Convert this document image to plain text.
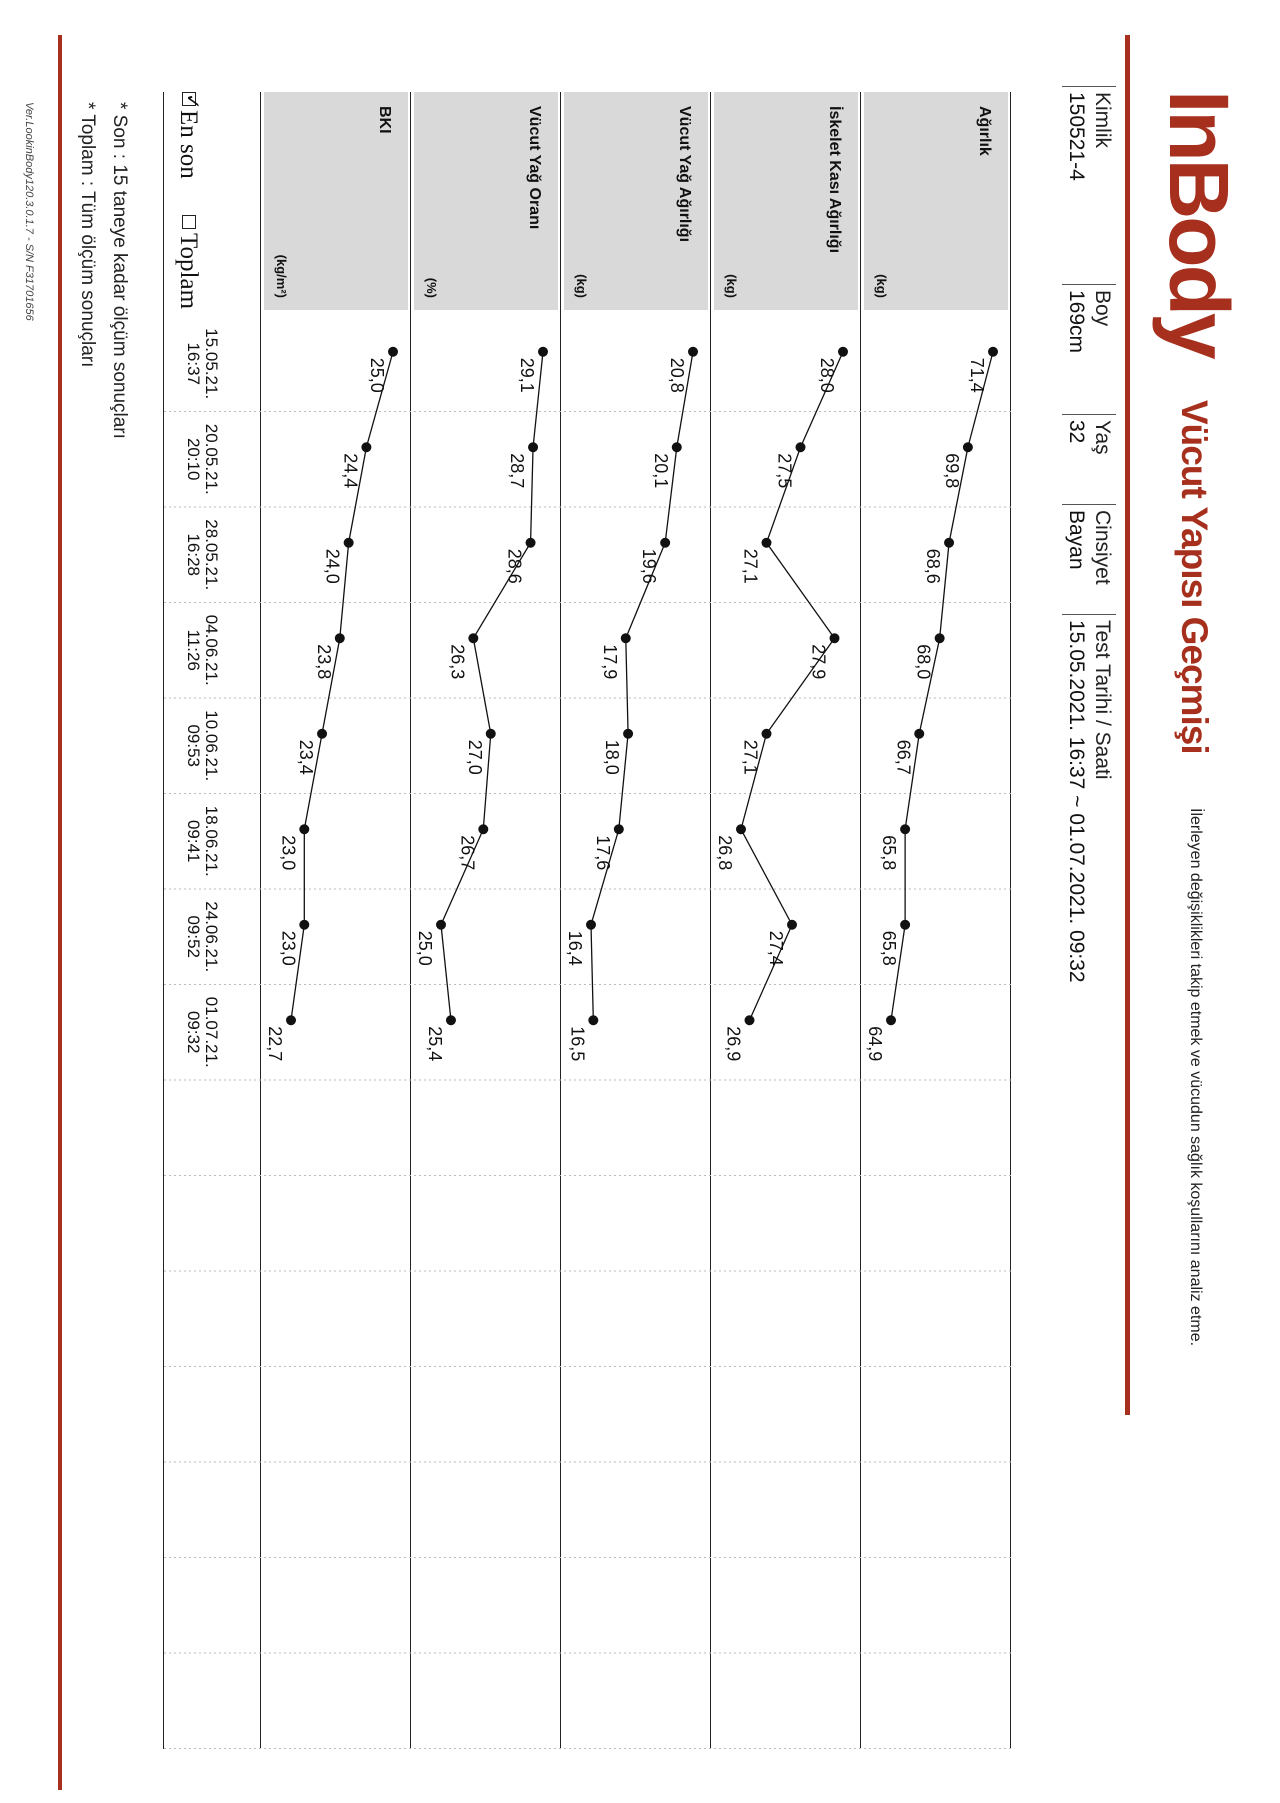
InBody
Vücut Yapısı Geçmişi
İlerleyen değişiklikleri takip etmek ve vücudun sağlık koşullarını analiz etme.
Kimlik
150521-4
Boy
169cm
Yaş
32
Cinsiyet
Bayan
Test Tarihi / Saati
15.05.2021. 16:37 ~ 01.07.2021. 09:32
Ağırlık
(kg)
İskelet Kası Ağırlığı
(kg)
Vücut Yağ Ağırlığı
(kg)
Vücut Yağ Oranı
(%)
BKI
(kg/m²)
15.05.21.
16:37
20.05.21.
20:10
28.05.21.
16:28
04.06.21.
11:26
10.06.21.
09:53
18.06.21.
09:41
24.06.21.
09:52
01.07.21.
09:32
71,4
69,8
68,6
68,0
66,7
65,8
65,8
64,9
28,0
27,5
27,1
27,9
27,1
26,8
27,4
26,9
20,8
20,1
19,6
17,9
18,0
17,6
16,4
16,5
29,1
28,7
28,6
26,3
27,0
26,7
25,0
25,4
25,0
24,4
24,0
23,8
23,4
23,0
23,0
22,7
✓
En son
Toplam
* Son : 15 taneye kadar ölçüm sonuçları
* Toplam : Tüm ölçüm sonuçları
Ver.LookinBody120.3.0.1.7 - S/N F31701656
